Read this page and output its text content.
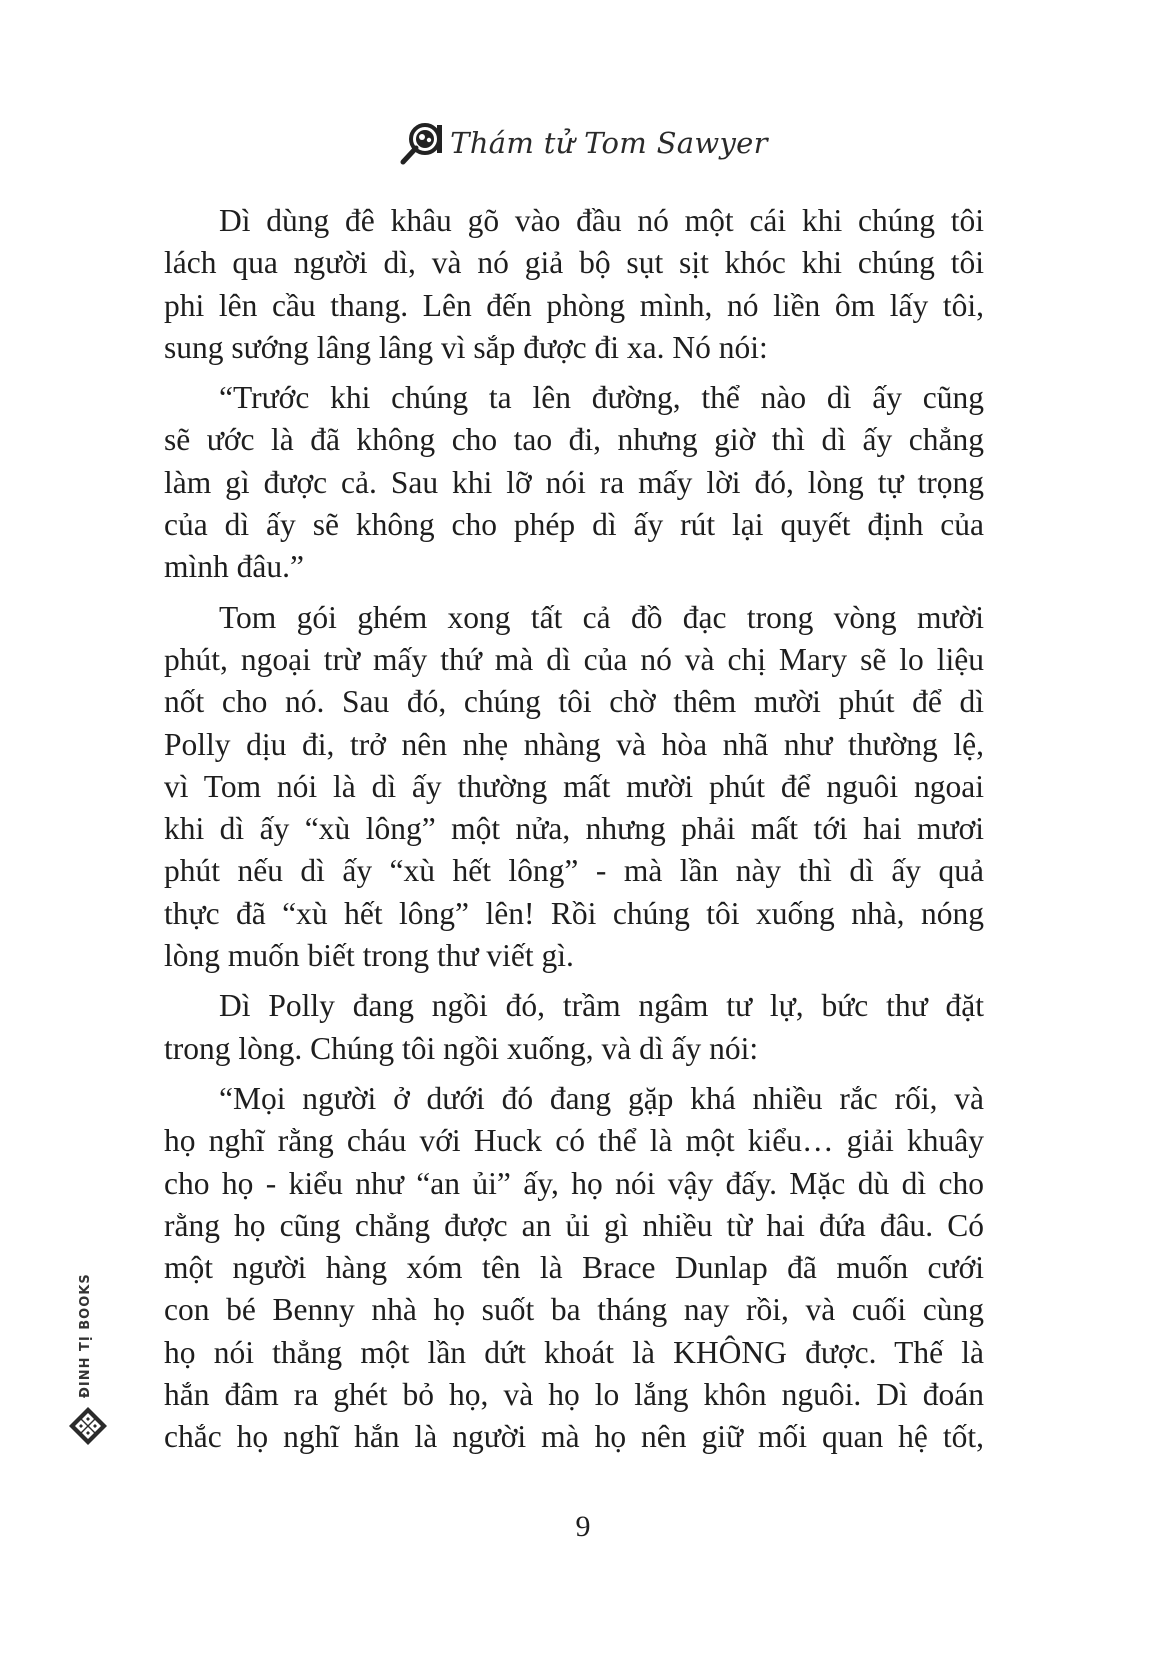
Thám tử Tom Sawyer

Dì dùng đê khâu gõ vào đầu nó một cái khi chúng tôi
lách qua người dì, và nó giả bộ sụt sịt khóc khi chúng tôi
phi lên cầu thang. Lên đến phòng mình, nó liền ôm lấy tôi,
sung sướng lâng lâng vì sắp được đi xa. Nó nói:

“Trước khi chúng ta lên đường, thể nào dì ấy cũng
sẽ ước là đã không cho tao đi, nhưng giờ thì dì ấy chẳng
làm gì được cả. Sau khi lỡ nói ra mấy lời đó, lòng tự trọng
của dì ấy sẽ không cho phép dì ấy rút lại quyết định của
mình đâu.”

Tom gói ghém xong tất cả đồ đạc trong vòng mười
phút, ngoại trừ mấy thứ mà dì của nó và chị Mary sẽ lo liệu
nốt cho nó. Sau đó, chúng tôi chờ thêm mười phút để dì
Polly dịu đi, trở nên nhẹ nhàng và hòa nhã như thường lệ,
vì Tom nói là dì ấy thường mất mười phút để nguôi ngoai
khi dì ấy “xù lông” một nửa, nhưng phải mất tới hai mươi
phút nếu dì ấy “xù hết lông” - mà lần này thì dì ấy quả
thực đã “xù hết lông” lên! Rồi chúng tôi xuống nhà, nóng
lòng muốn biết trong thư viết gì.

Dì Polly đang ngồi đó, trầm ngâm tư lự, bức thư đặt
trong lòng. Chúng tôi ngồi xuống, và dì ấy nói:

“Mọi người ở dưới đó đang gặp khá nhiều rắc rối, và
họ nghĩ rằng cháu với Huck có thể là một kiểu… giải khuây
cho họ - kiểu như “an ủi” ấy, họ nói vậy đấy. Mặc dù dì cho
rằng họ cũng chẳng được an ủi gì nhiều từ hai đứa đâu. Có
một người hàng xóm tên là Brace Dunlap đã muốn cưới
con bé Benny nhà họ suốt ba tháng nay rồi, và cuối cùng
họ nói thẳng một lần dứt khoát là KHÔNG được. Thế là
hắn đâm ra ghét bỏ họ, và họ lo lắng khôn nguôi. Dì đoán
chắc họ nghĩ hắn là người mà họ nên giữ mối quan hệ tốt,

9
ĐINH TỊ BOOKS
